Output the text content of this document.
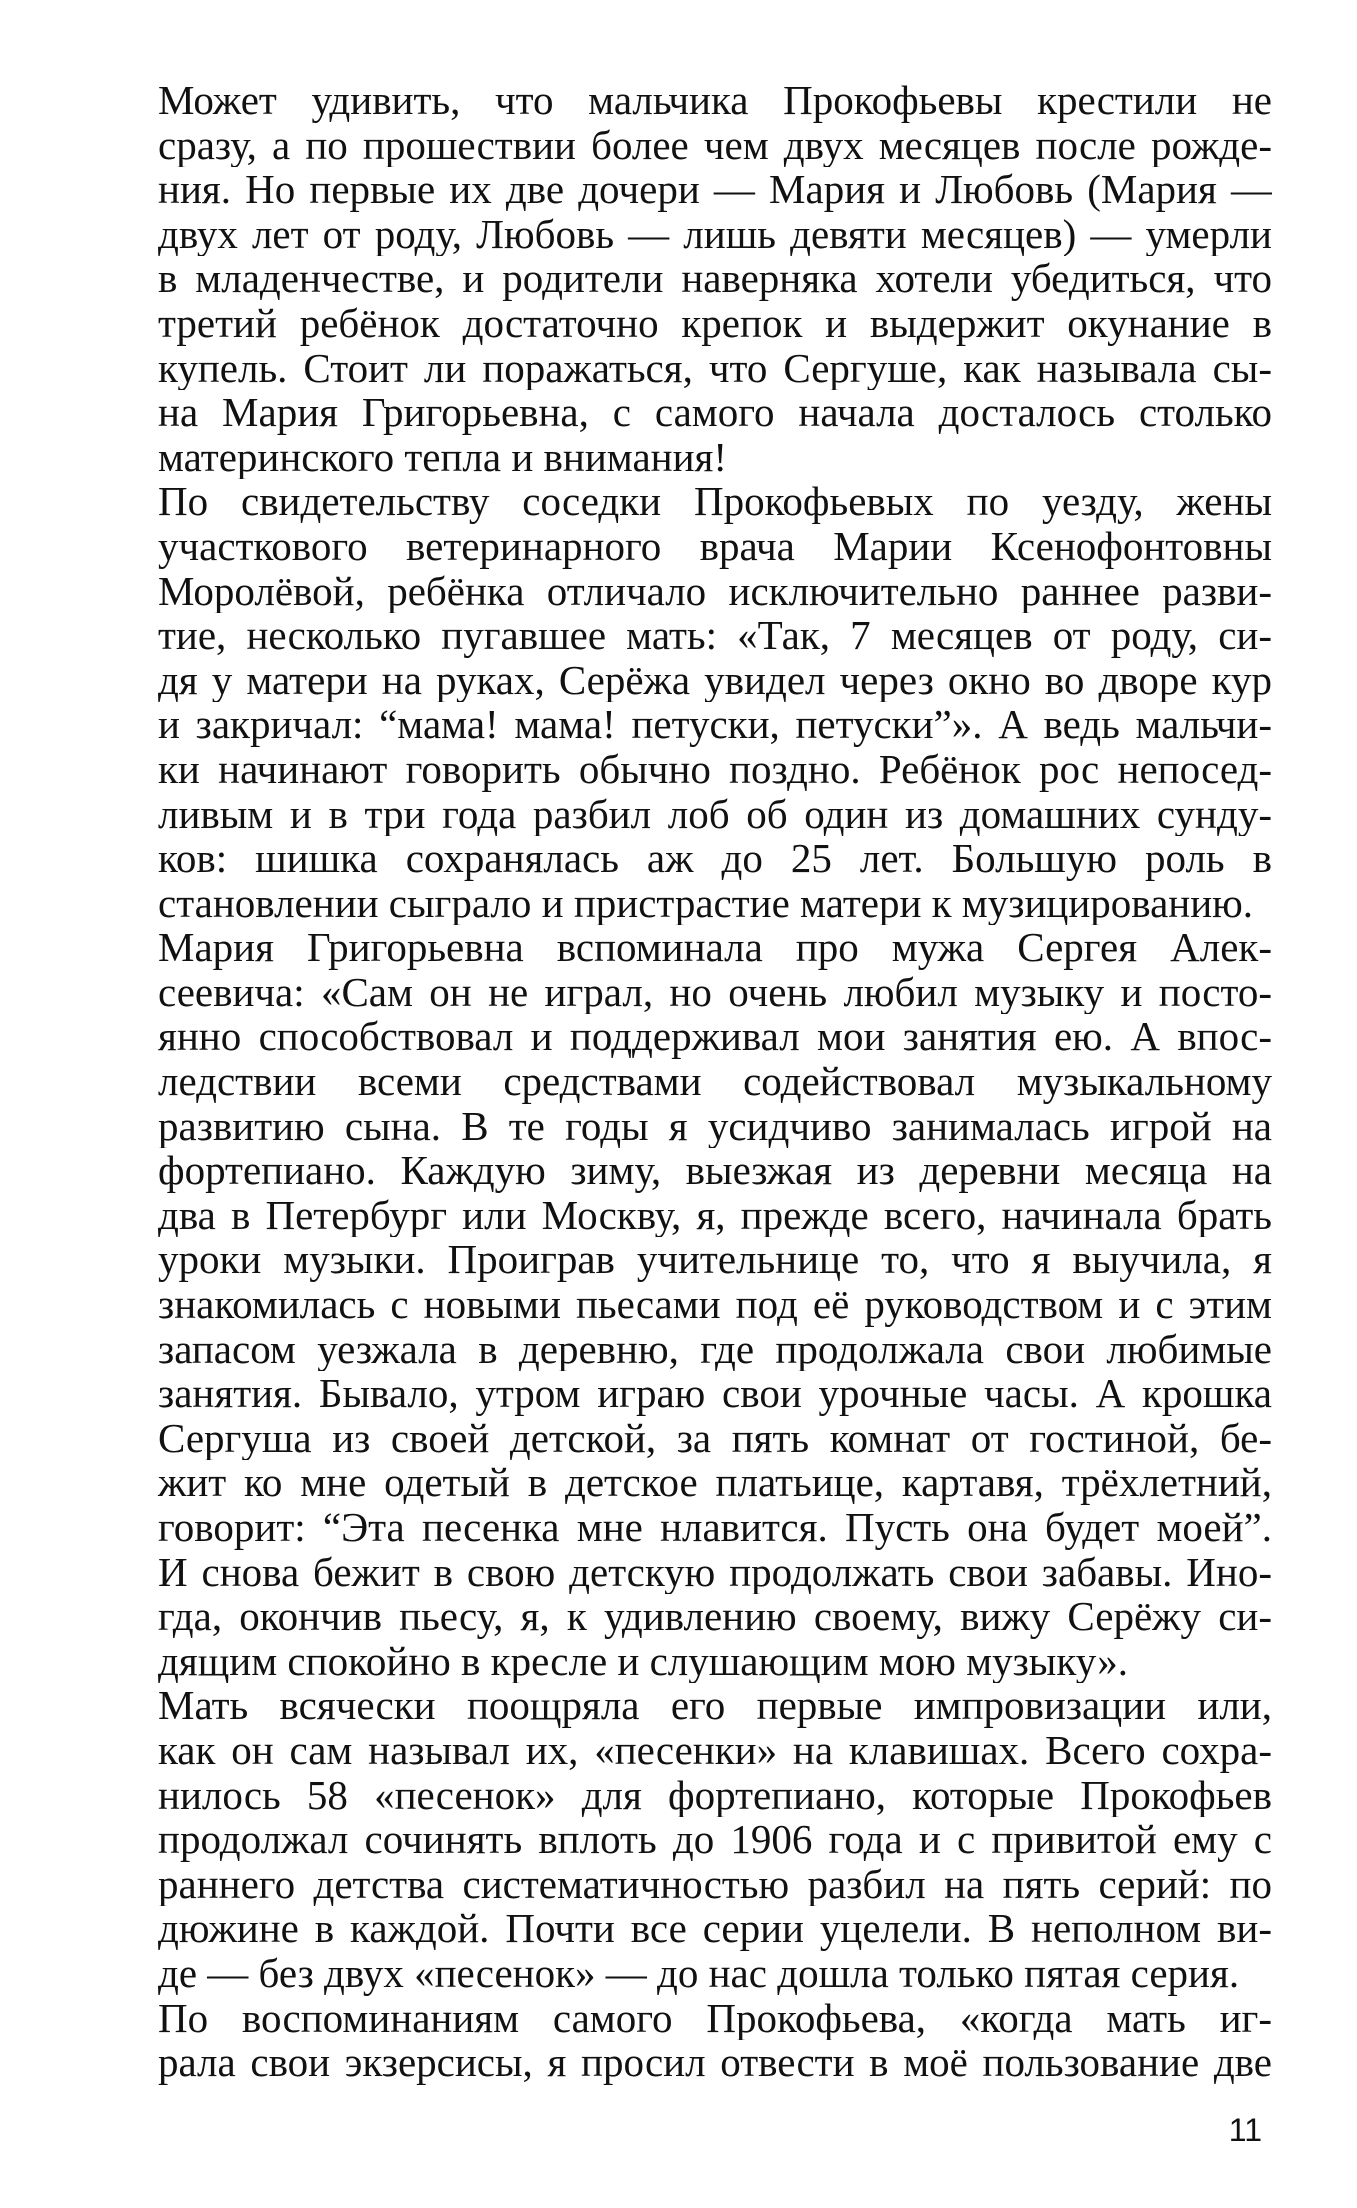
Может удивить, что мальчика Прокофьевы крестили не
сразу, а по прошествии более чем двух месяцев после рожде-
ния. Но первые их две дочери — Мария и Любовь (Мария —
двух лет от роду, Любовь — лишь девяти месяцев) — умерли
в младенчестве, и родители наверняка хотели убедиться, что
третий ребёнок достаточно крепок и выдержит окунание в
купель. Стоит ли поражаться, что Сергуше, как называла сы-
на Мария Григорьевна, с самого начала досталось столько
материнского тепла и внимания!
По свидетельству соседки Прокофьевых по уезду, жены
участкового ветеринарного врача Марии Ксенофонтовны
Моролёвой, ребёнка отличало исключительно раннее разви-
тие, несколько пугавшее мать: «Так, 7 месяцев от роду, си-
дя у матери на руках, Серёжа увидел через окно во дворе кур
и закричал: “мама! мама! петуски, петуски”». А ведь мальчи-
ки начинают говорить обычно поздно. Ребёнок рос непосед-
ливым и в три года разбил лоб об один из домашних сунду-
ков: шишка сохранялась аж до 25 лет. Большую роль в
становлении сыграло и пристрастие матери к музицированию.
Мария Григорьевна вспоминала про мужа Сергея Алек-
сеевича: «Сам он не играл, но очень любил музыку и посто-
янно способствовал и поддерживал мои занятия ею. А впос-
ледствии всеми средствами содействовал музыкальному
развитию сына. В те годы я усидчиво занималась игрой на
фортепиано. Каждую зиму, выезжая из деревни месяца на
два в Петербург или Москву, я, прежде всего, начинала брать
уроки музыки. Проиграв учительнице то, что я выучила, я
знакомилась с новыми пьесами под её руководством и с этим
запасом уезжала в деревню, где продолжала свои любимые
занятия. Бывало, утром играю свои урочные часы. А крошка
Сергуша из своей детской, за пять комнат от гостиной, бе-
жит ко мне одетый в детское платьице, картавя, трёхлетний,
говорит: “Эта песенка мне нлавится. Пусть она будет моей”.
И снова бежит в свою детскую продолжать свои забавы. Ино-
гда, окончив пьесу, я, к удивлению своему, вижу Серёжу си-
дящим спокойно в кресле и слушающим мою музыку».
Мать всячески поощряла его первые импровизации или,
как он сам называл их, «песенки» на клавишах. Всего сохра-
нилось 58 «песенок» для фортепиано, которые Прокофьев
продолжал сочинять вплоть до 1906 года и с привитой ему с
раннего детства систематичностью разбил на пять серий: по
дюжине в каждой. Почти все серии уцелели. В неполном ви-
де — без двух «песенок» — до нас дошла только пятая серия.
По воспоминаниям самого Прокофьева, «когда мать иг-
рала свои экзерсисы, я просил отвести в моё пользование две
11
